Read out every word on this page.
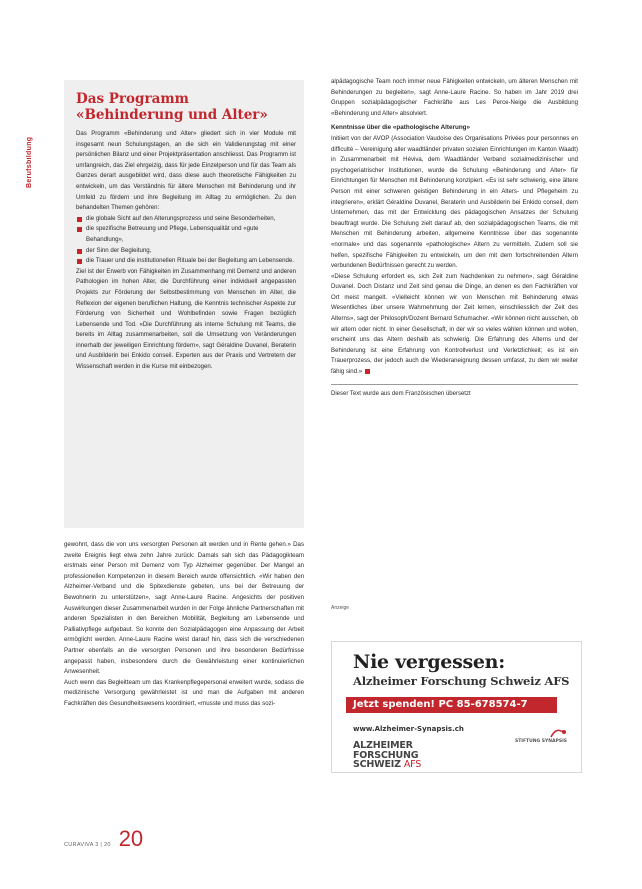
Berufsbildung
Das Programm «Behinderung und Alter»

Das Programm «Behinderung und Alter» gliedert sich in vier Module mit insgesamt neun Schulungstagen, an die sich ein Validierungstag mit einer persönlichen Bilanz und einer Projektpräsentation anschliesst. Das Programm ist umfangreich, das Ziel ehrgeizig, dass für jede Einzelperson und für das Team als Ganzes derart ausgebildet wird, dass diese auch theoretische Fähigkeiten zu entwickeln, um das Verständnis für ältere Menschen mit Behinderung und ihr Umfeld zu fördern und ihre Begleitung im Alltag zu ermöglichen. Zu den behandelten Themen gehören:

die globale Sicht auf den Alterungsprozess und seine Besonderheiten,
die spezifische Betreuung und Pflege, Lebensqualität und «gute Behandlung»,
der Sinn der Begleitung,
die Trauer und die institutionellen Rituale bei der Begleitung am Lebensende.

Ziel ist der Erwerb von Fähigkeiten im Zusammenhang mit Demenz und anderen Pathologien im hohen Alter, die Durchführung einer individuell angepassten Projekts zur Förderung der Selbstbestimmung von Menschen im Alter, die Reflexion der eigenen beruflichen Haltung, die Kenntnis technischer Aspekte zur Förderung von Sicherheit und Wohlbefinden sowie Fragen bezüglich Lebensende und Tod. «Die Durchführung als interne Schulung mit Teams, die bereits im Alltag zusammenarbeiten, soll die Umsetzung von Veränderungen innerhalb der jeweiligen Einrichtung fördern», sagt Géraldine Duvanel, Beraterin und Ausbilderin bei Enkido conseil. Experten aus der Praxis und Vertretern der Wissenschaft werden in die Kurse mit einbezogen.

gewohnt, dass die von uns versorgten Personen alt werden und in Rente gehen.» Das zweite Ereignis liegt etwa zehn Jahre zurück: Damals sah sich das Pädagogikteam erstmals einer Person mit Demenz vom Typ Alzheimer gegenüber. Der Mangel an professionellen Kompetenzen in diesem Bereich wurde offensichtlich. «Wir haben den Alzheimer-Verband und die Spitexdienste gebeten, uns bei der Betreuung der Bewohnerin zu unterstützen», sagt Anne-Laure Racine. Angesichts der positiven Auswirkungen dieser Zusammenarbeit wurden in der Folge ähnliche Partnerschaften mit anderen Spezialisten in den Bereichen Mobilität, Begleitung am Lebensende und Palliativpflege aufgebaut. So konnte den Sozialpädagogen eine Anpassung der Arbeit ermöglicht werden. Anne-Laure Racine weist darauf hin, dass sich die verschiedenen Partner ebenfalls an die versorgten Personen und ihre besonderen Bedürfnisse angepasst haben, insbesondere durch die Gewährleistung einer kontinuierlichen Anwesenheit.

Auch wenn das Begleitteam um das Krankenpflegepersonal erweitert wurde, sodass die medizinische Versorgung gewährleistet ist und man die Aufgaben mit anderen Fachkräften des Gesundheitswesens koordiniert, «musste und muss das sozi-

alpädagogische Team noch immer neue Fähigkeiten entwickeln, um älteren Menschen mit Behinderungen zu begleiten», sagt Anne-Laure Racine. So haben im Jahr 2019 drei Gruppen sozialpädagogischer Fachkräfte aus Les Perce-Neige die Ausbildung «Behinderung und Alter» absolviert.

Kenntnisse über die «pathologische Alterung»

Initiiert von der AVOP (Association Vaudoise des Organisations Privées pour personnes en difficulté – Vereinigung aller waadtländer privaten sozialen Einrichtungen im Kanton Waadt) in Zusammenarbeit mit Héviva, dem Waadtländer Verband sozialmedizinischer und psychogeriatrischer Institutionen, wurde die Schulung «Behinderung und Alter» für Einrichtungen für Menschen mit Behinderung konzipiert. «Es ist sehr schwierig, eine ältere Person mit einer schweren geistigen Behinderung in ein Alters- und Pflegeheim zu integrieren», erklärt Géraldine Duvanel, Beraterin und Ausbilderin bei Enkido conseil, dem Unternehmen, das mit der Entwicklung des pädagogischen Ansatzes der Schulung beauftragt wurde. Die Schulung zielt darauf ab, den sozialpädagogischen Teams, die mit Menschen mit Behinderung arbeiten, allgemeine Kenntnisse über das sogenannte «normale» und das sogenannte «pathologische» Altern zu vermitteln. Zudem soll sie helfen, spezifische Fähigkeiten zu entwickeln, um den mit dem fortschreitenden Altern verbundenen Bedürfnissen gerecht zu werden.

«Diese Schulung erfordert es, sich Zeit zum Nachdenken zu nehmen», sagt Géraldine Duvanel. Doch Distanz und Zeit sind genau die Dinge, an denen es den Fachkräften vor Ort meist mangelt. «Vielleicht können wir von Menschen mit Behinderung etwas Wesentliches über unsere Wahrnehmung der Zeit lernen, einschliesslich der Zeit des Alterns», sagt der Philosoph/Dozent Bernard Schumacher. «Wir können nicht ausschen, ob wir altern oder nicht. In einer Gesellschaft, in der wir so vieles wählen können und wollen, erscheint uns das Altern deshalb als schwierig. Die Erfahrung des Alterns und der Behinderung ist eine Erfahrung von Kontrollverlust und Verletzlichkeit; es ist ein Trauerprozess, der jedoch auch die Wiederaneignung dessen umfasst, zu dem wir weiter fähig sind.»

Dieser Text wurde aus dem Französischen übersetzt
Anzeige
Nie vergessen:
Alzheimer Forschung Schweiz AFS
Jetzt spenden! PC 85-678574-7
www.Alzheimer-Synapsis.ch
ALZHEIMER
FORSCHUNG
SCHWEIZ AFS
STIFTUNG SYNAPSIS
CURAVIVA 3 | 20 20
